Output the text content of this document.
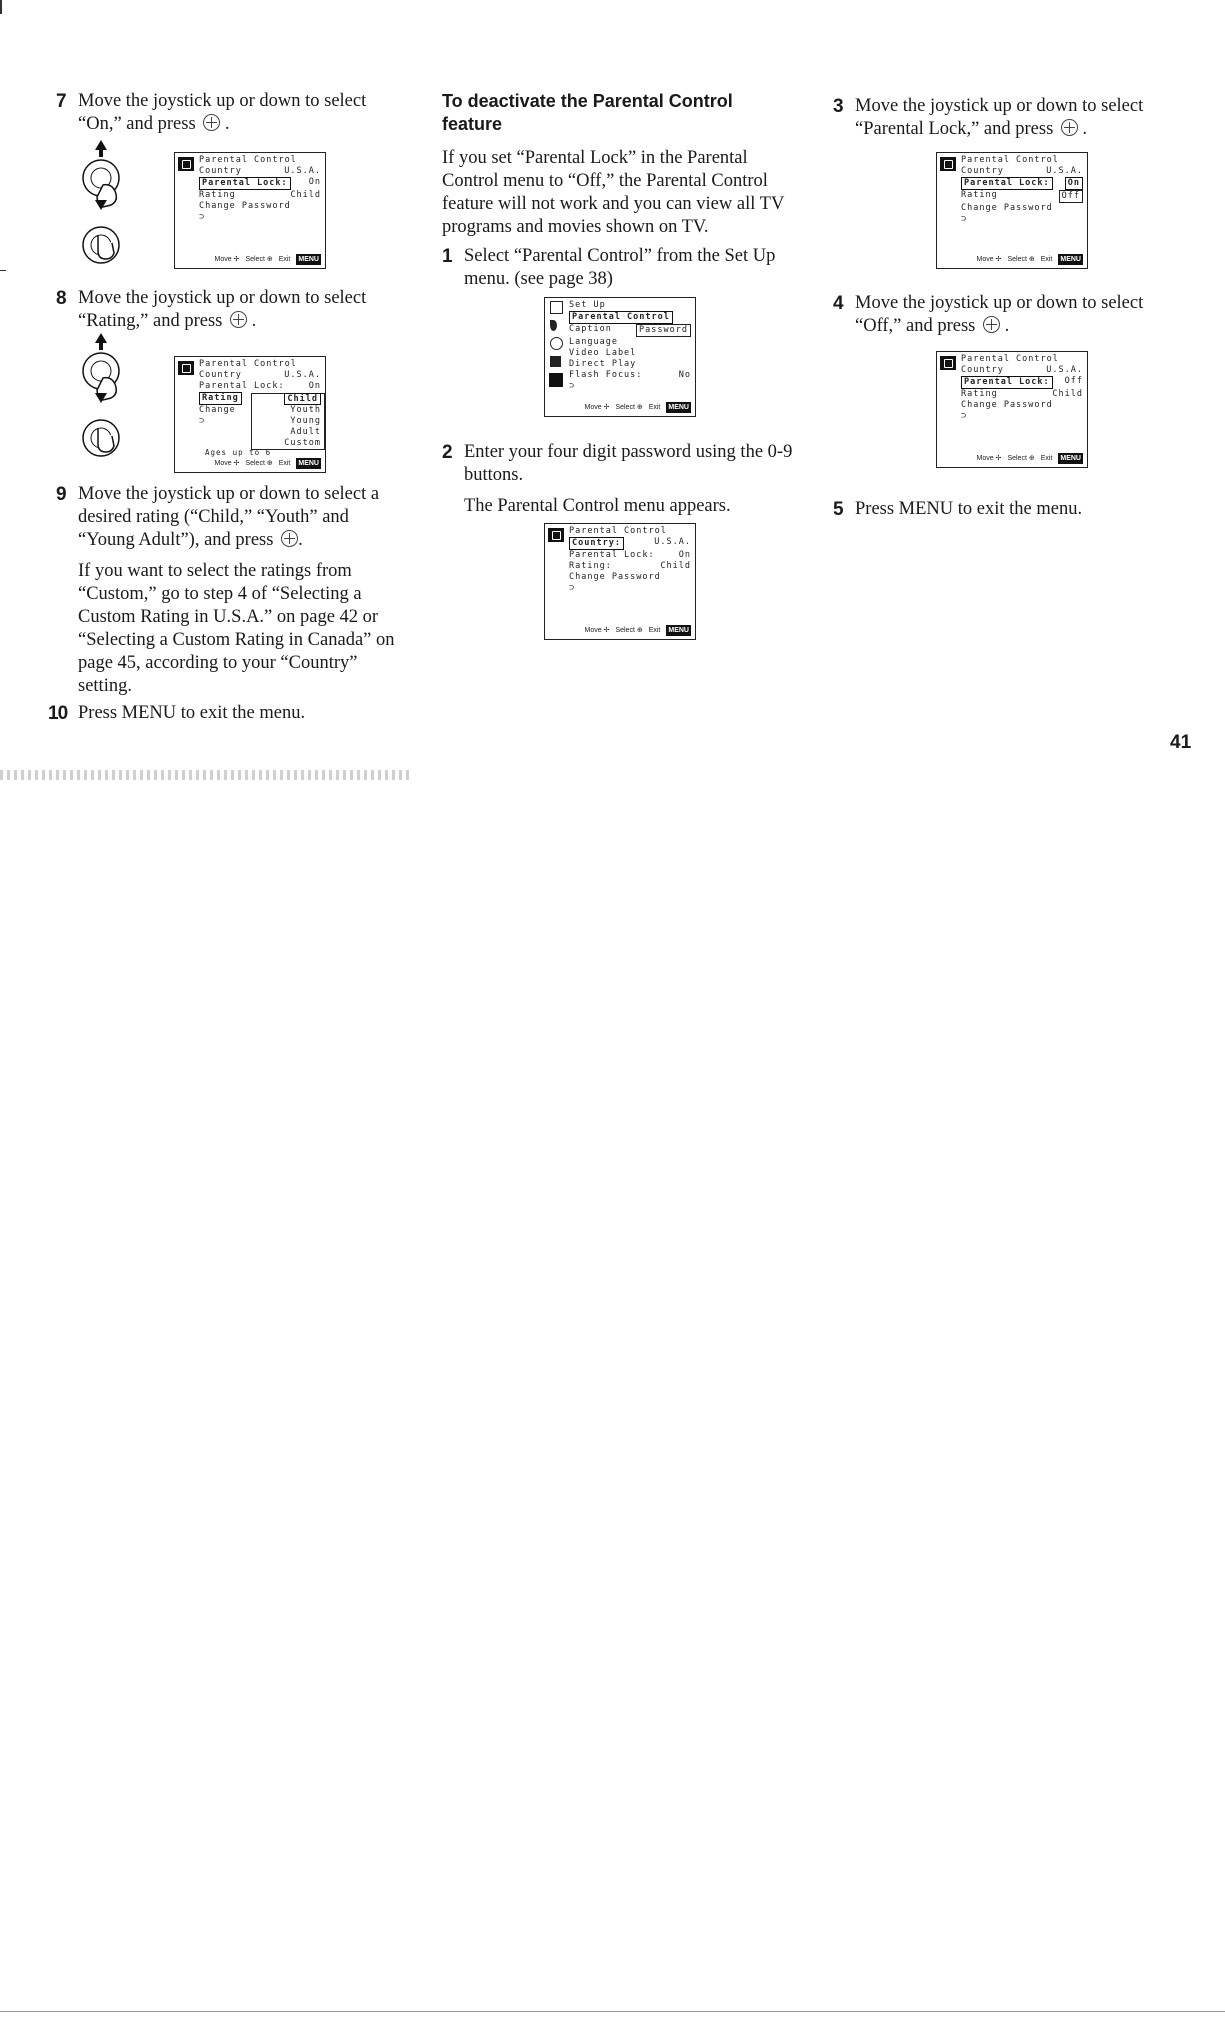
7 Move the joystick up or down to select
“On,” and press  .
Parental Control
Country	U.S.A.
Parental Lock:	On
Rating	Child
Change Password
⊃
Move ✢ Select ⊕ Exit MENU
8 Move the joystick up or down to select
“Rating,” and press  .
Parental Control
Country	U.S.A.
Parental Lock:	On
Rating
Change
⊃
Child
Youth
Young Adult
Custom
Ages up to 6
Move ✢ Select ⊕ Exit MENU
9 Move the joystick up or down to select a desired rating (“Child,” “Youth” and “Young Adult”), and press .

If you want to select the ratings from “Custom,” go to step 4 of “Selecting a Custom Rating in U.S.A.” on page 42 or “Selecting a Custom Rating in Canada” on page 45, according to your “Country” setting.

10 Press MENU to exit the menu.
To deactivate the Parental Control feature

If you set “Parental Lock” in the Parental Control menu to “Off,” the Parental Control feature will not work and you can view all TV programs and movies shown on TV.

1 Select “Parental Control” from the Set Up menu. (see page 38)

Set Up
Parental Control
Caption	Password
Language
Video Label
Direct Play
Flash Focus:	No
⊃
Move ✢ Select ⊕ Exit MENU
2 Enter your four digit password using the 0-9 buttons.

The Parental Control menu appears.

Parental Control
Country:	U.S.A.
Parental Lock:	On
Rating:	Child
Change Password
⊃
Move ✢ Select ⊕ Exit MENU
3 Move the joystick up or down to select
“Parental Lock,” and press  .
Parental Control
Country	U.S.A.
Parental Lock:	On
Rating	Off
Change Password
⊃
Move ✢ Select ⊕ Exit MENU
4 Move the joystick up or down to select
“Off,” and press  .
Parental Control
Country	U.S.A.
Parental Lock:	Off
Rating	Child
Change Password
⊃
Move ✢ Select ⊕ Exit MENU
5 Press MENU to exit the menu.
41
